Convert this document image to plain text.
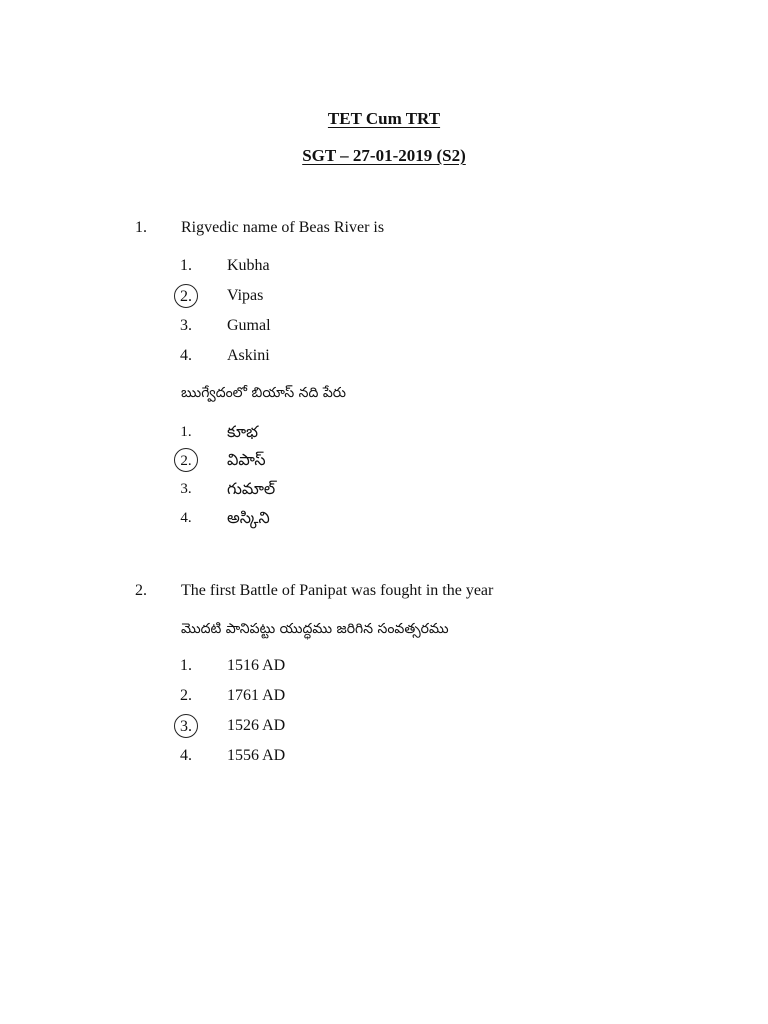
TET Cum TRT
SGT – 27-01-2019 (S2)
1. Rigvedic name of Beas River is
1.	Kubha
2.	Vipas
3.	Gumal
4.	Askini
ఋగ్వేదంలో బియాస్ నది పేరు
1.	కూభ
2.	విపాస్
3.	గుమాల్
4.	అస్కిని
2. The first Battle of Panipat was fought in the year
మొదటి పానిపట్టు యుద్ధము జరిగిన సంవత్సరము
1.	1516 AD
2.	1761 AD
3.	1526 AD
4.	1556 AD
